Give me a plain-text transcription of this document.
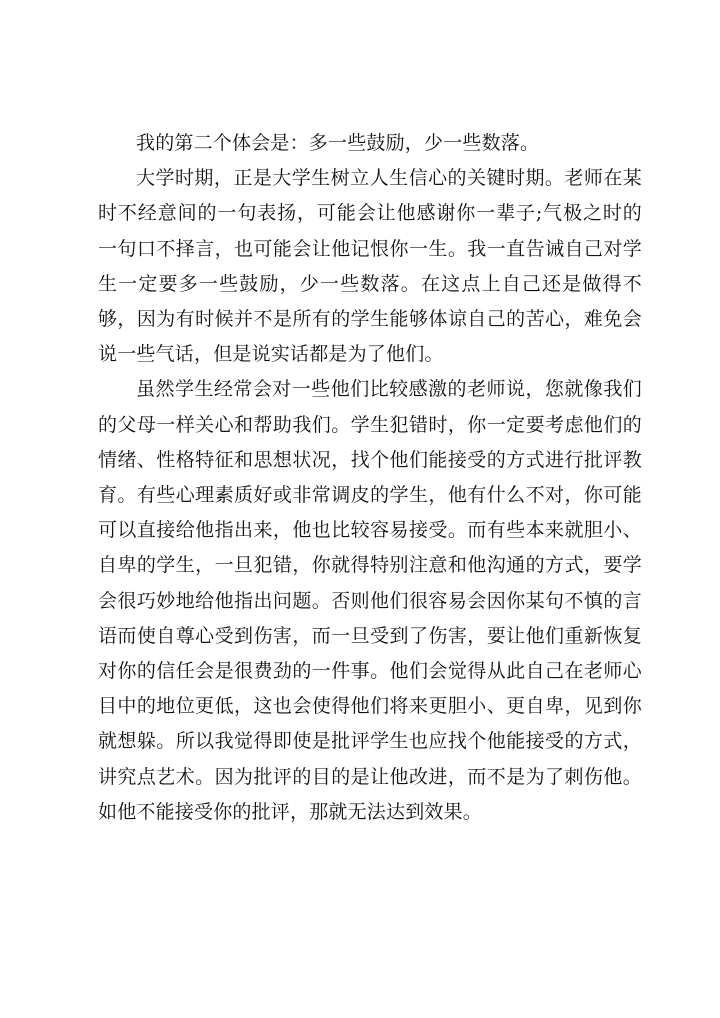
我的第二个体会是：多一些鼓励，少一些数落。

大学时期，正是大学生树立人生信心的关键时期。老师在某时不经意间的一句表扬，可能会让他感谢你一辈子;气极之时的一句口不择言，也可能会让他记恨你一生。我一直告诫自己对学生一定要多一些鼓励，少一些数落。在这点上自己还是做得不够，因为有时候并不是所有的学生能够体谅自己的苦心，难免会说一些气话，但是说实话都是为了他们。

虽然学生经常会对一些他们比较感激的老师说，您就像我们的父母一样关心和帮助我们。学生犯错时，你一定要考虑他们的情绪、性格特征和思想状况，找个他们能接受的方式进行批评教育。有些心理素质好或非常调皮的学生，他有什么不对，你可能可以直接给他指出来，他也比较容易接受。而有些本来就胆小、自卑的学生，一旦犯错，你就得特别注意和他沟通的方式，要学会很巧妙地给他指出问题。否则他们很容易会因你某句不慎的言语而使自尊心受到伤害，而一旦受到了伤害，要让他们重新恢复对你的信任会是很费劲的一件事。他们会觉得从此自己在老师心目中的地位更低，这也会使得他们将来更胆小、更自卑，见到你就想躲。所以我觉得即使是批评学生也应找个他能接受的方式，讲究点艺术。因为批评的目的是让他改进，而不是为了刺伤他。如他不能接受你的批评，那就无法达到效果。
